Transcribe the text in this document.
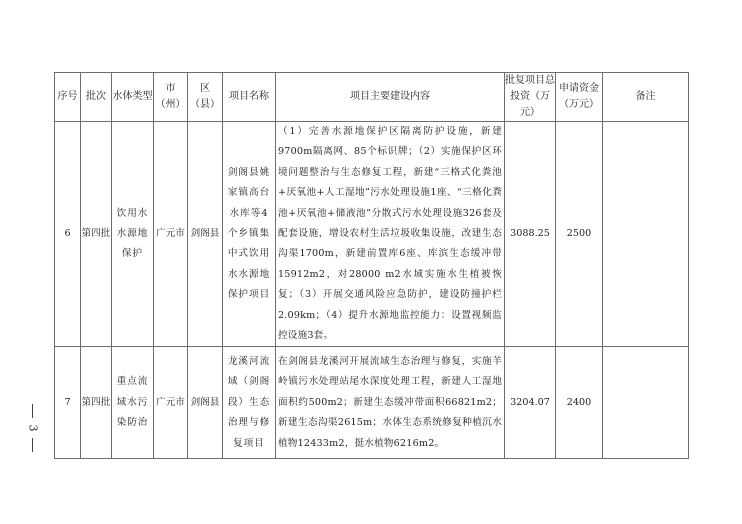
3
序号	批次	水体类型	市（州）	区（县）	项目名称	项目主要建设内容	批复项目总投资（万元）	申请资金（万元）	备注
6	第四批	饮用水水源地保护	广元市	剑阁县	剑阁县姚家镇高台水库等4个乡镇集中式饮用水水源地保护项目	（1）完善水源地保护区隔离防护设施，新建9700m隔离网、85个标识牌；（2）实施保护区环境问题整治与生态修复工程，新建“三格式化粪池+厌氧池+人工湿地”污水处理设施1座、“三格化粪池+厌氧池+储液池”分散式污水处理设施326套及配套设施，增设农村生活垃圾收集设施，改建生态沟渠1700m，新建前置库6座、库滨生态缓冲带15912m2，对28000 m2水域实施水生植被恢复；（3）开展交通风险应急防护，建设防撞护栏2.09km；（4）提升水源地监控能力：设置视频监控设施3套。	3088.25	2500	
7	第四批	重点流域水污染防治	广元市	剑阁县	龙溪河流域（剑阁段）生态治理与修复项目	在剑阁县龙溪河开展流域生态治理与修复，实施羊岭镇污水处理站尾水深度处理工程，新建人工湿地面积约500m2；新建生态缓冲带面积66821m2；新建生态沟渠2615m；水体生态系统修复种植沉水植物12433m2，挺水植物6216m2。	3204.07	2400	
